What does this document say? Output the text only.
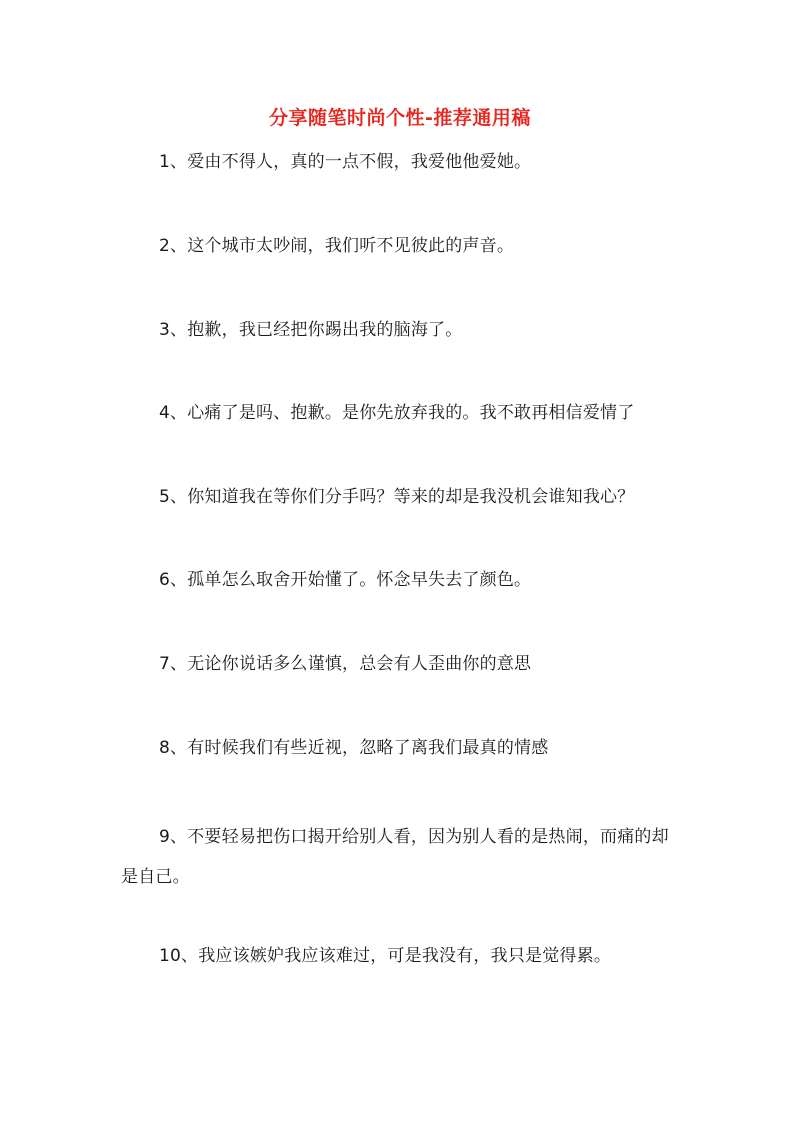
分享随笔时尚个性-推荐通用稿
1、爱由不得人，真的一点不假，我爱他他爱她。
2、这个城市太吵闹，我们听不见彼此的声音。
3、抱歉，我已经把你踢出我的脑海了。
4、心痛了是吗、抱歉。是你先放弃我的。我不敢再相信爱情了
5、你知道我在等你们分手吗？等来的却是我没机会谁知我心？
6、孤单怎么取舍开始懂了。怀念早失去了颜色。
7、无论你说话多么谨慎，总会有人歪曲你的意思
8、有时候我们有些近视，忽略了离我们最真的情感
9、不要轻易把伤口揭开给别人看，因为别人看的是热闹，而痛的却是自己。
10、我应该嫉妒我应该难过，可是我没有，我只是觉得累。
